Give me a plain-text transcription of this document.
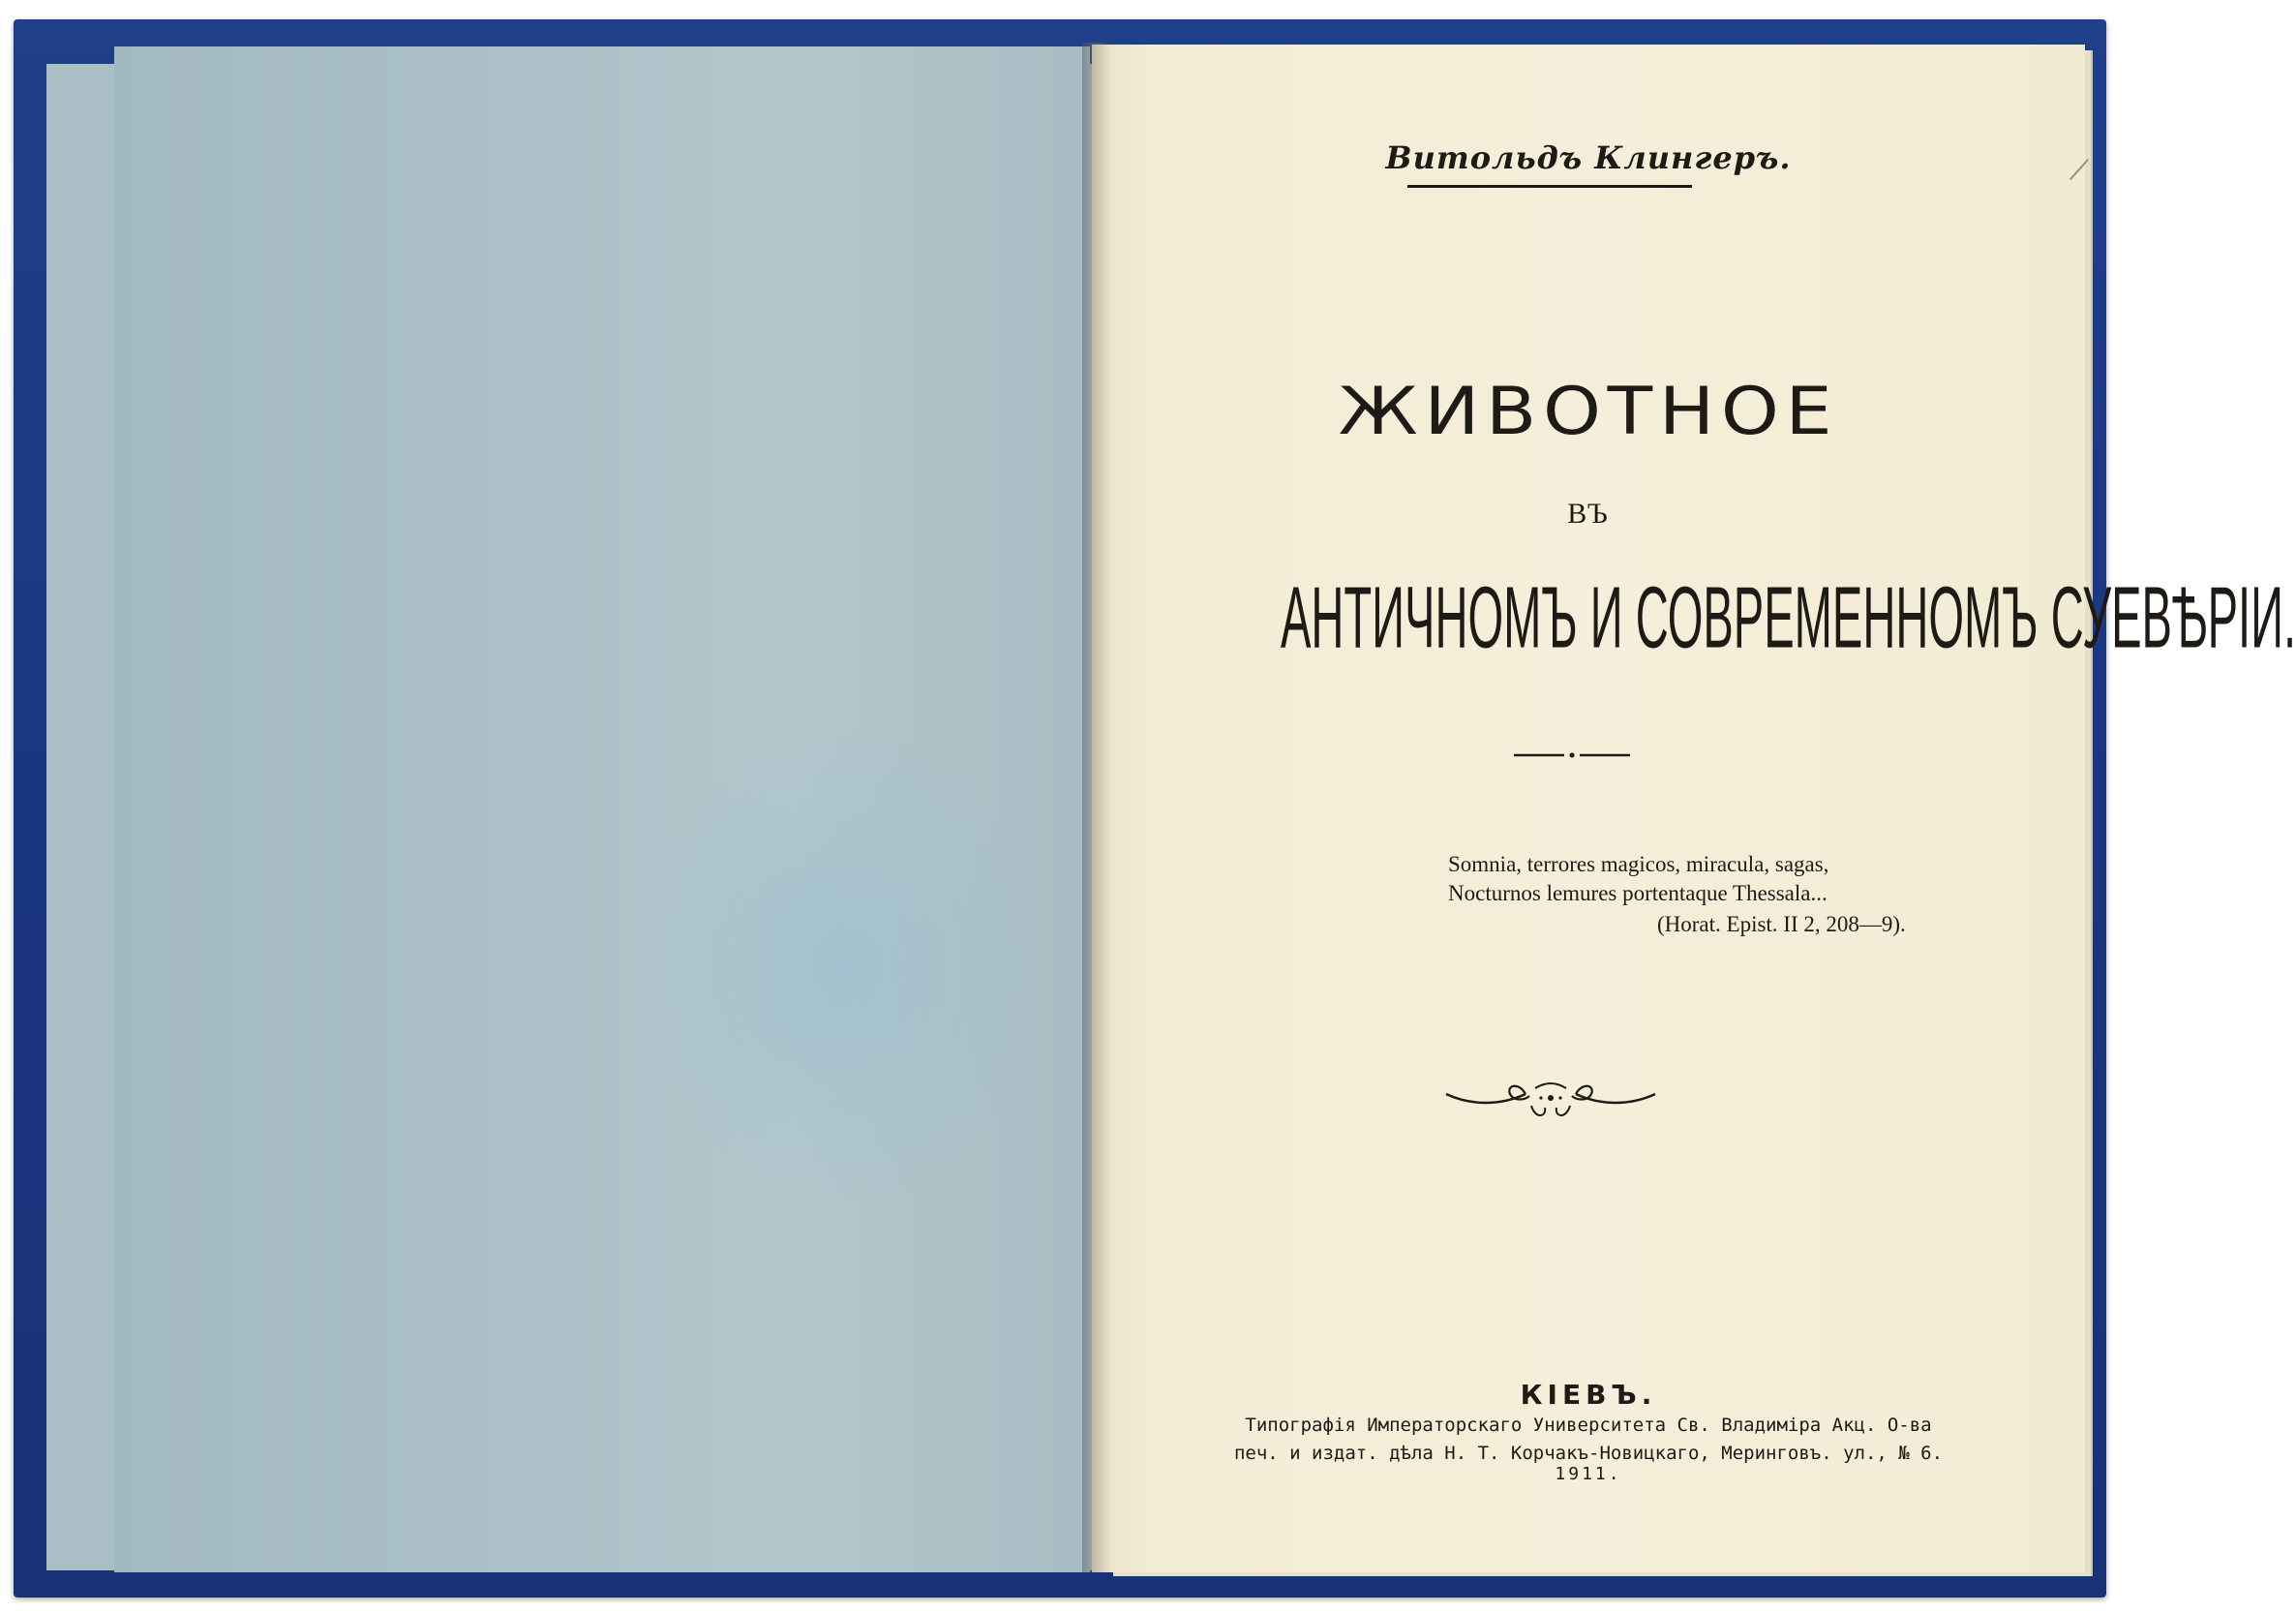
Витольдъ Клингеръ.
ЖИВОТНОЕ
ВЪ
АНТИЧНОМЪ И СОВРЕМЕННОМЪ СУЕВѢРІИ.
Somnia, terrores magicos, miracula, sagas,
Nocturnos lemures portentaque Thessala...
(Horat. Epist. II 2, 208—9).
КІЕВЪ.
Типографія Императорскаго Университета Св. Владиміра Акц. О-ва
печ. и издат. дѣла Н. Т. Корчакъ-Новицкаго, Меринговъ. ул., № 6.
1911.
